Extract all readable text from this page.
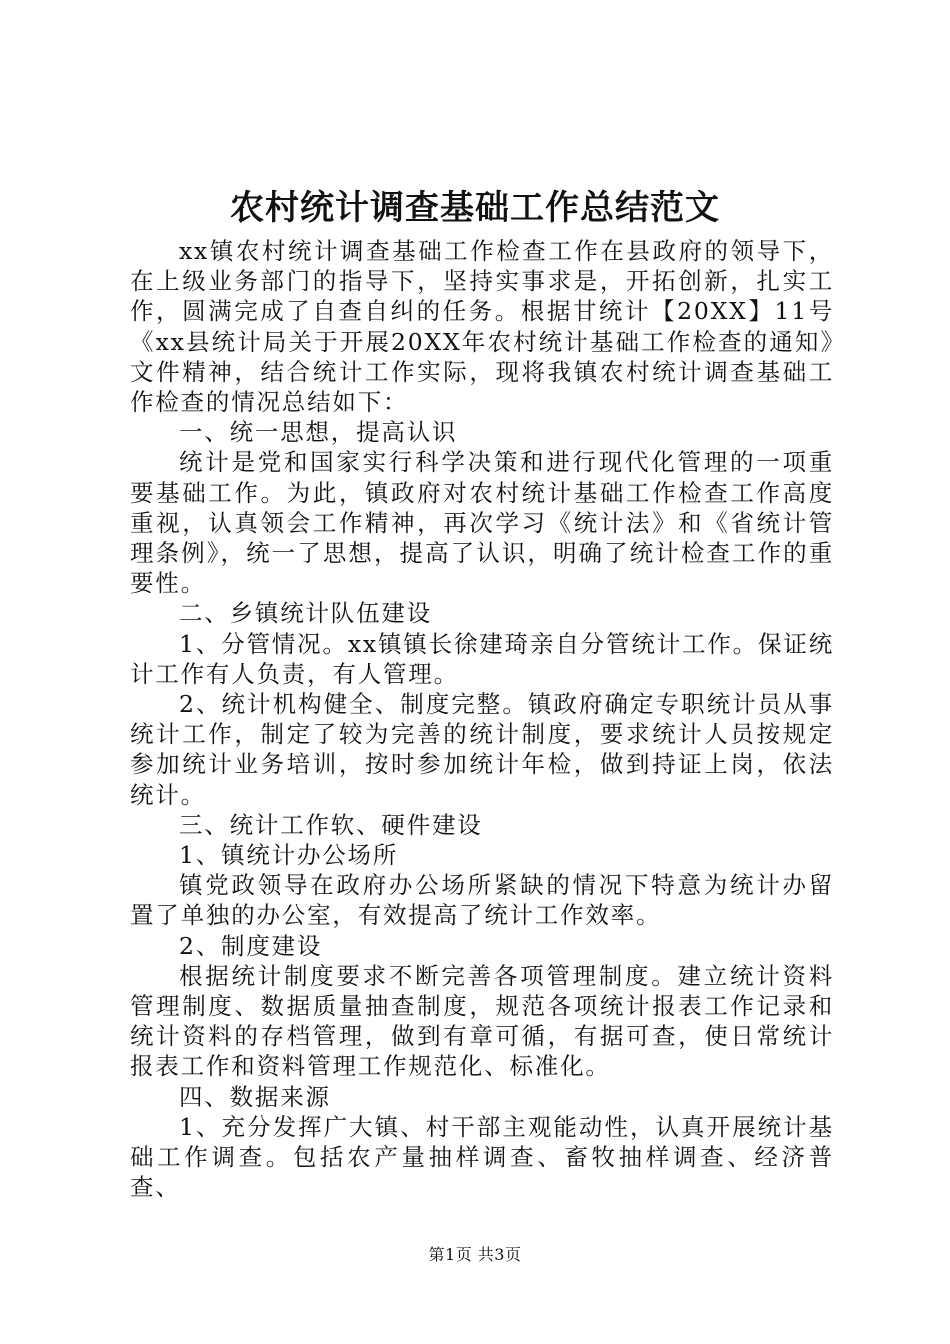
农村统计调查基础工作总结范文

xx镇农村统计调查基础工作检查工作在县政府的领导下，在上级业务部门的指导下，坚持实事求是，开拓创新，扎实工作，圆满完成了自查自纠的任务。根据甘统计【20XX】11号《xx县统计局关于开展20XX年农村统计基础工作检查的通知》文件精神，结合统计工作实际，现将我镇农村统计调查基础工作检查的情况总结如下：

一、统一思想，提高认识

统计是党和国家实行科学决策和进行现代化管理的一项重要基础工作。为此，镇政府对农村统计基础工作检查工作高度重视，认真领会工作精神，再次学习《统计法》和《省统计管理条例》，统一了思想，提高了认识，明确了统计检查工作的重要性。

二、乡镇统计队伍建设

1、分管情况。xx镇镇长徐建琦亲自分管统计工作。保证统计工作有人负责，有人管理。

2、统计机构健全、制度完整。镇政府确定专职统计员从事统计工作，制定了较为完善的统计制度，要求统计人员按规定参加统计业务培训，按时参加统计年检，做到持证上岗，依法统计。

三、统计工作软、硬件建设

1、镇统计办公场所

镇党政领导在政府办公场所紧缺的情况下特意为统计办留置了单独的办公室，有效提高了统计工作效率。

2、制度建设

根据统计制度要求不断完善各项管理制度。建立统计资料管理制度、数据质量抽查制度，规范各项统计报表工作记录和统计资料的存档管理，做到有章可循，有据可查，使日常统计报表工作和资料管理工作规范化、标准化。

四、数据来源

1、充分发挥广大镇、村干部主观能动性，认真开展统计基础工作调查。包括农产量抽样调查、畜牧抽样调查、经济普查、

第1页 共3页
